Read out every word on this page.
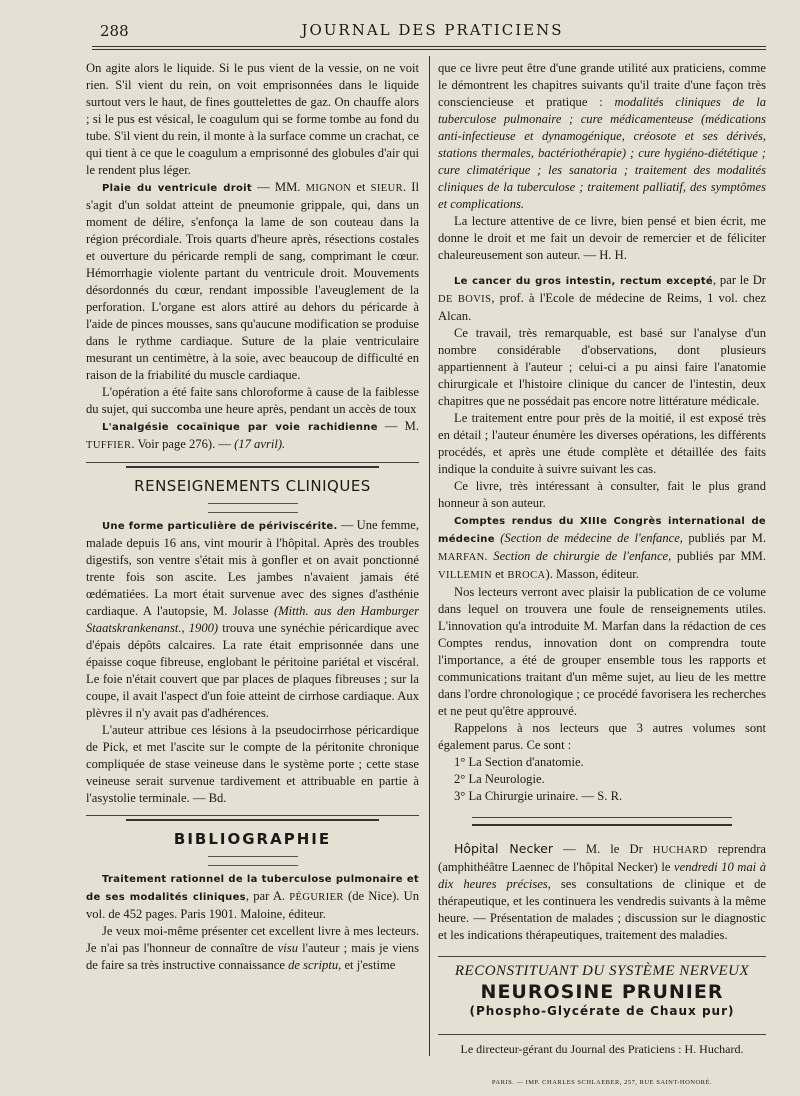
288	JOURNAL DES PRATICIENS

On agite alors le liquide. Si le pus vient de la vessie, on ne voit rien. S'il vient du rein, on voit emprisonnées dans le liquide surtout vers le haut, de fines gouttelettes de gaz. On chauffe alors ; si le pus est vésical, le coagulum qui se forme tombe au fond du tube. S'il vient du rein, il monte à la surface comme un crachat, ce qui tient à ce que le coagulum a emprisonné des globules d'air qui le rendent plus léger.

Plaie du ventricule droit — MM. MIGNON et SIEUR. Il s'agit d'un soldat atteint de pneumonie grippale, qui, dans un moment de délire, s'enfonça la lame de son couteau dans la région précordiale. Trois quarts d'heure après, résections costales et ouverture du péricarde rempli de sang, comprimant le cœur. Hémorrhagie violente partant du ventricule droit. Mouvements désordonnés du cœur, rendant impossible l'aveuglement de la perforation. L'organe est alors attiré au dehors du péricarde à l'aide de pinces mousses, sans qu'aucune modification se produise dans le rythme cardiaque. Suture de la plaie ventriculaire mesurant un centimètre, à la soie, avec beaucoup de difficulté en raison de la friabilité du muscle cardiaque.

L'opération a été faite sans chloroforme à cause de la faiblesse du sujet, qui succomba une heure après, pendant un accès de toux

L'analgésie cocaïnique par voie rachidienne — M. TUFFIER. Voir page 276). — (17 avril).

RENSEIGNEMENTS CLINIQUES

Une forme particulière de périviscérite. — Une femme, malade depuis 16 ans, vint mourir à l'hôpital. Après des troubles digestifs, son ventre s'était mis à gonfler et on avait ponctionné trente fois son ascite. Les jambes n'avaient jamais été œdématiées. La mort était survenue avec des signes d'asthénie cardiaque. A l'autopsie, M. Jolasse (Mitth. aus den Hamburger Staatskrankenanst., 1900) trouva une synéchie péricardique avec d'épais dépôts calcaires. La rate était emprisonnée dans une épaisse coque fibreuse, englobant le péritoine pariétal et viscéral. Le foie n'était couvert que par places de plaques fibreuses ; sur la coupe, il avait l'aspect d'un foie atteint de cirrhose cardiaque. Aux plèvres il n'y avait pas d'adhérences.

L'auteur attribue ces lésions à la pseudocirrhose péricardique de Pick, et met l'ascite sur le compte de la péritonite chronique compliquée de stase veineuse dans le système porte ; cette stase veineuse serait survenue tardivement et attribuable en partie à l'asystolie terminale. — Bd.

BIBLIOGRAPHIE

Traitement rationnel de la tuberculose pulmonaire et de ses modalités cliniques, par A. PÉGURIER (de Nice). Un vol. de 452 pages. Paris 1901. Maloine, éditeur.

Je veux moi-même présenter cet excellent livre à mes lecteurs. Je n'ai pas l'honneur de connaître de visu l'auteur ; mais je viens de faire sa très instructive connaissance de scriptu, et j'estime

que ce livre peut être d'une grande utilité aux praticiens, comme le démontrent les chapitres suivants qu'il traite d'une façon très consciencieuse et pratique : modalités cliniques de la tuberculose pulmonaire ; cure médicamenteuse (médications anti-infectieuse et dynamogénique, créosote et ses dérivés, stations thermales, bactériothérapie) ; cure hygiéno-diététique ; cure climatérique ; les sanatoria ; traitement des modalités cliniques de la tuberculose ; traitement palliatif, des symptômes et complications.

La lecture attentive de ce livre, bien pensé et bien écrit, me donne le droit et me fait un devoir de remercier et de féliciter chaleureusement son auteur. — H. H.

Le cancer du gros intestin, rectum excepté, par le Dr DE BOVIS, prof. à l'Ecole de médecine de Reims, 1 vol. chez Alcan.

Ce travail, très remarquable, est basé sur l'analyse d'un nombre considérable d'observations, dont plusieurs appartiennent à l'auteur ; celui-ci a pu ainsi faire l'anatomie chirurgicale et l'histoire clinique du cancer de l'intestin, deux chapitres que ne possédait pas encore notre littérature médicale.

Le traitement entre pour près de la moitié, il est exposé très en détail ; l'auteur énumère les diverses opérations, les différents procédés, et après une étude complète et détaillée des faits indique la conduite à suivre suivant les cas.

Ce livre, très intéressant à consulter, fait le plus grand honneur à son auteur.

Comptes rendus du XIIIe Congrès international de médecine (Section de médecine de l'enfance, publiés par M. MARFAN. Section de chirurgie de l'enfance, publiés par MM. VILLEMIN et BROCA). Masson, éditeur.

Nos lecteurs verront avec plaisir la publication de ce volume dans lequel on trouvera une foule de renseignements utiles. L'innovation qu'a introduite M. Marfan dans la rédaction de ces Comptes rendus, innovation dont on comprendra toute l'importance, a été de grouper ensemble tous les rapports et communications traitant d'un même sujet, au lieu de les mettre dans l'ordre chronologique ; ce procédé favorisera les recherches et ne peut qu'être approuvé.

Rappelons à nos lecteurs que 3 autres volumes sont également parus. Ce sont :

1° La Section d'anatomie.

2° La Neurologie.

3° La Chirurgie urinaire. — S. R.

Hôpital Necker — M. le Dr HUCHARD reprendra (amphithéâtre Laennec de l'hôpital Necker) le vendredi 10 mai à dix heures précises, ses consultations de clinique et de thérapeutique, et les continuera les vendredis suivants à la même heure. — Présentation de malades ; discussion sur le diagnostic et les indications thérapeutiques, traitement des maladies.

RECONSTITUANT DU SYSTÈME NERVEUX
NEUROSINE PRUNIER
(Phospho-Glycérate de Chaux pur)
Le directeur-gérant du Journal des Praticiens : H. Huchard.
PARIS. — IMP. CHARLES SCHLAEBER, 257, RUE SAINT-HONORÉ.
